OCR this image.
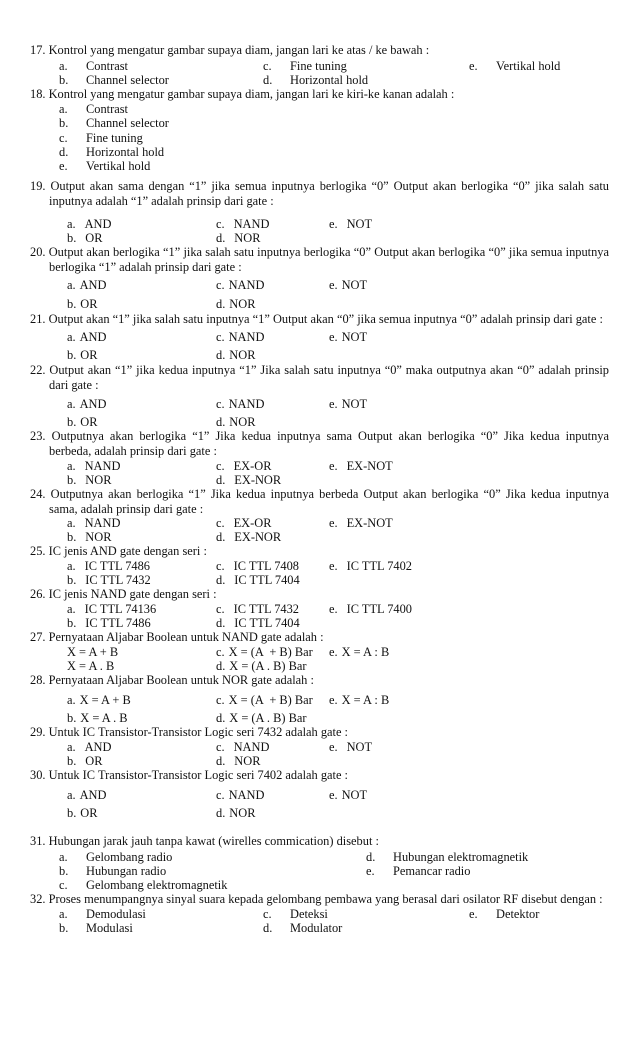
17. Kontrol yang mengatur gambar supaya diam, jangan lari ke atas / ke bawah :
a. Contrast
b. Channel selector
c. Fine tuning
d. Horizontal hold
e. Vertikal hold
18. Kontrol yang mengatur gambar supaya diam, jangan lari ke kiri-ke kanan adalah :
a. Contrast
b. Channel selector
c. Fine tuning
d. Horizontal hold
e. Vertikal hold
19. Output akan sama dengan “1” jika semua inputnya berlogika “0” Output akan berlogika “0” jika salah satu inputnya adalah “1” adalah prinsip dari gate :
a. AND
b. OR
c. NAND
d. NOR
e. NOT
20. Output akan berlogika “1” jika salah satu inputnya berlogika “0” Output akan berlogika “0” jika semua inputnya berlogika “1” adalah prinsip dari gate :
a. AND
b. OR
c. NAND
d. NOR
e. NOT
21. Output akan “1” jika salah satu inputnya “1” Output akan “0” jika semua inputnya “0” adalah prinsip dari gate :
a. AND
b. OR
c. NAND
d. NOR
e. NOT
22. Output akan “1” jika kedua inputnya “1” Jika salah satu inputnya “0” maka outputnya akan “0” adalah prinsip dari gate :
a. AND
b. OR
c. NAND
d. NOR
e. NOT
23. Outputnya akan berlogika “1” Jika kedua inputnya sama Output akan berlogika “0” Jika kedua inputnya berbeda, adalah prinsip dari gate :
a. NAND
b. NOR
c. EX-OR
d. EX-NOR
e. EX-NOT
24. Outputnya akan berlogika “1” Jika kedua inputnya berbeda Output akan berlogika “0” Jika kedua inputnya sama, adalah prinsip dari gate :
a. NAND
b. NOR
c. EX-OR
d. EX-NOR
e. EX-NOT
25. IC jenis AND gate dengan seri :
a. IC TTL 7486
b. IC TTL 7432
c. IC TTL 7408
d. IC TTL 7404
e. IC TTL 7402
26. IC jenis NAND gate dengan seri :
a. IC TTL 74136
b. IC TTL 7486
c. IC TTL 7432
d. IC TTL 7404
e. IC TTL 7400
27. Pernyataan Aljabar Boolean untuk NAND gate adalah :
X = A + B
X = A . B
c. X = (A  + B) Bar
d. X = (A . B) Bar
e. X = A : B
28. Pernyataan Aljabar Boolean untuk NOR gate adalah :
a. X = A + B
b. X = A . B
c. X = (A  + B) Bar
d. X = (A . B) Bar
e. X = A : B
29. Untuk IC Transistor-Transistor Logic seri 7432 adalah gate :
a. AND
b. OR
c. NAND
d. NOR
e. NOT
30. Untuk IC Transistor-Transistor Logic seri 7402 adalah gate :
a. AND
b. OR
c. NAND
d. NOR
e. NOT
31. Hubungan jarak jauh tanpa kawat (wirelles commication) disebut :
a. Gelombang radio
b. Hubungan radio
c. Gelombang elektromagnetik
d. Hubungan elektromagnetik
e. Pemancar radio
32. Proses menumpangnya sinyal suara kepada gelombang pembawa yang berasal dari osilator RF disebut dengan :
a. Demodulasi
b. Modulasi
c. Deteksi
d. Modulator
e. Detektor
